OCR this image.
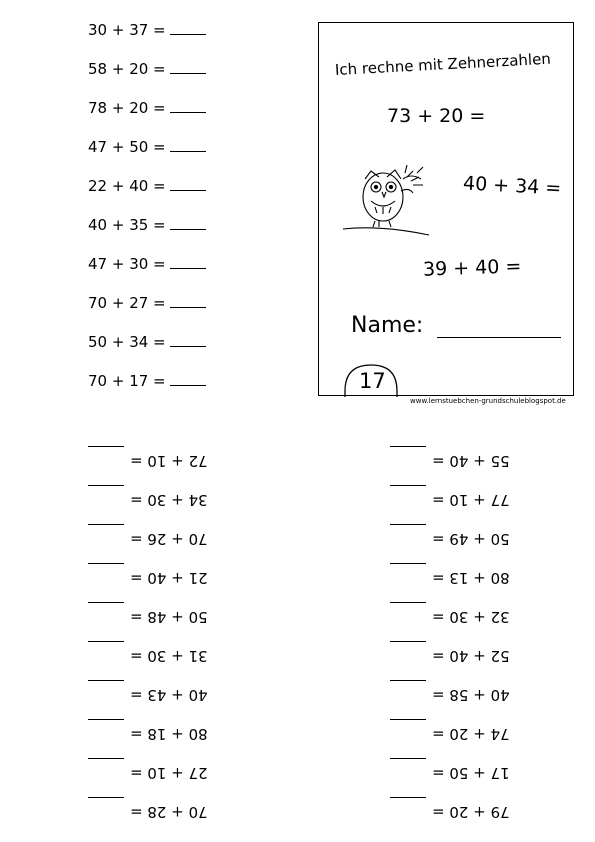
30 + 37 =
58 + 20 =
78 + 20 =
47 + 50 =
22 + 40 =
40 + 35 =
47 + 30 =
70 + 27 =
50 + 34 =
70 + 17 =
Ich rechne mit Zehnerzahlen
73 + 20 =
40 + 34 =
39 + 40 =
Name:
17
www.lernstuebchen-grundschuleblogspot.de
72 + 10 =
34 + 30 =
70 + 26 =
21 + 40 =
50 + 48 =
31 + 30 =
40 + 43 =
80 + 18 =
27 + 10 =
70 + 28 =
55 + 40 =
77 + 10 =
50 + 49 =
80 + 13 =
32 + 30 =
52 + 40 =
40 + 58 =
74 + 20 =
17 + 50 =
79 + 20 =
